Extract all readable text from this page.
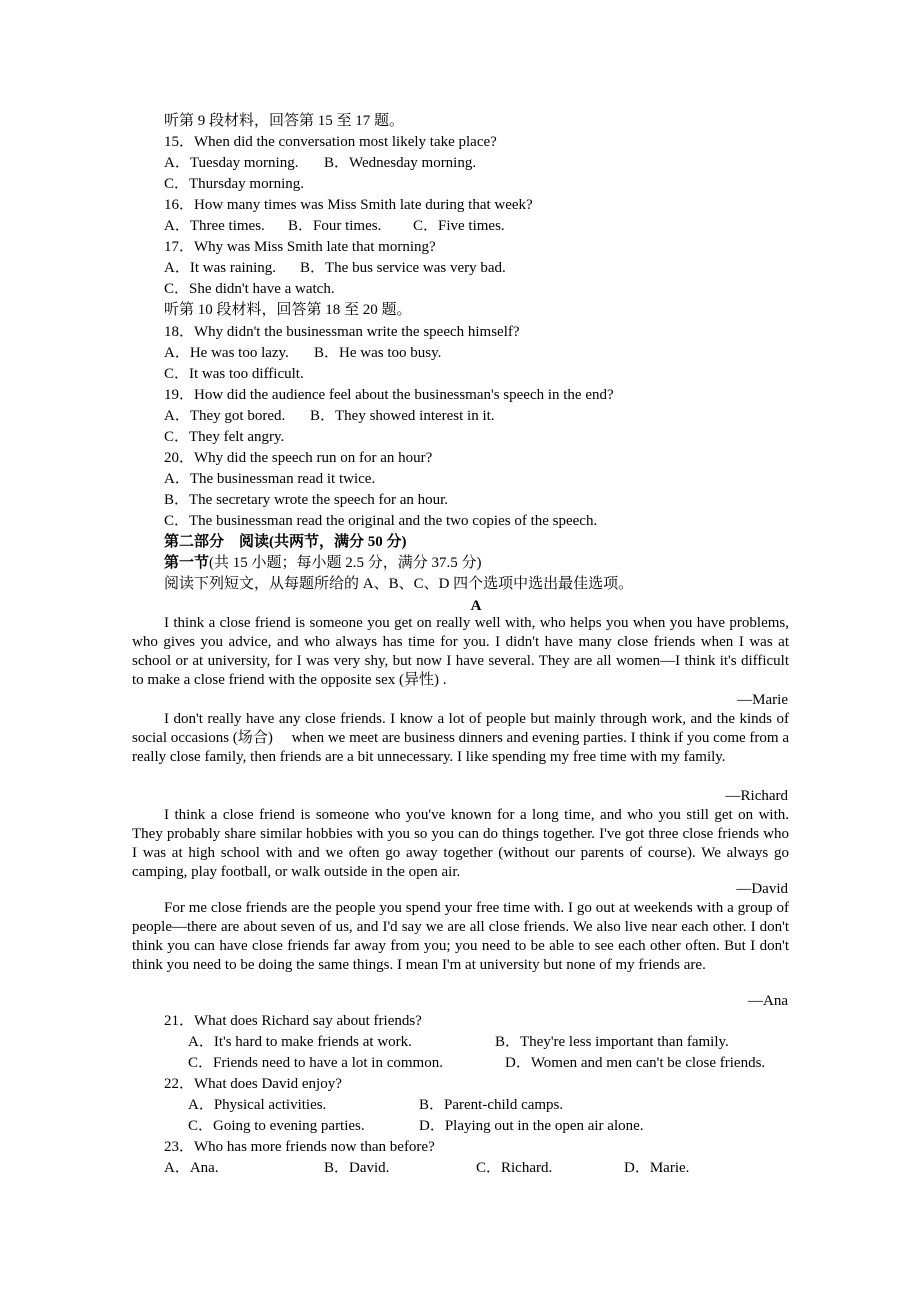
听第 9 段材料，回答第 15 至 17 题。
15．When did the conversation most likely take place?
A．Tuesday morning. B．Wednesday morning.
C．Thursday morning.
16．How many times was Miss Smith late during that week?
A．Three times. B．Four times. C．Five times.
17．Why was Miss Smith late that morning?
A．It was raining. B．The bus service was very bad.
C．She didn't have a watch.
听第 10 段材料，回答第 18 至 20 题。
18．Why didn't the businessman write the speech himself?
A．He was too lazy. B．He was too busy.
C．It was too difficult.
19．How did the audience feel about the businessman's speech in the end?
A．They got bored. B．They showed interest in it.
C．They felt angry.
20．Why did the speech run on for an hour?
A．The businessman read it twice.
B．The secretary wrote the speech for an hour.
C．The businessman read the original and the two copies of the speech.
第二部分　阅读(共两节，满分 50 分)
第一节(共 15 小题；每小题 2.5 分，满分 37.5 分)
阅读下列短文，从每题所给的 A、B、C、D 四个选项中选出最佳选项。
A
I think a close friend is someone you get on really well with, who helps you when you have problems, who gives you advice, and who always has time for you. I didn't have many close friends when I was at school or at university, for I was very shy, but now I have several. They are all women—I think it's difficult to make a close friend with the opposite sex (异性) .
—Marie
I don't really have any close friends. I know a lot of people but mainly through work, and the kinds of social occasions (场合)　 when we meet are business dinners and evening parties. I think if you come from a really close family, then friends are a bit unnecessary. I like spending my free time with my family.
—Richard
I think a close friend is someone who you've known for a long time, and who you still get on with. They probably share similar hobbies with you so you can do things together. I've got three close friends who I was at high school with and we often go away together (without our parents of course). We always go camping, play football, or walk outside in the open air.
—David
For me close friends are the people you spend your free time with. I go out at weekends with a group of people—there are about seven of us, and I'd say we are all close friends. We also live near each other. I don't think you can have close friends far away from you; you need to be able to see each other often. But I don't think you need to be doing the same things. I mean I'm at university but none of my friends are.
—Ana
21．What does Richard say about friends?
A．It's hard to make friends at work.	B．They're less important than family.
C．Friends need to have a lot in common.	D．Women and men can't be close friends.
22．What does David enjoy?
A．Physical activities.	B．Parent-child camps.
C．Going to evening parties.	D．Playing out in the open air alone.
23．Who has more friends now than before?
A．Ana.	B．David.	C．Richard.	D．Marie.
